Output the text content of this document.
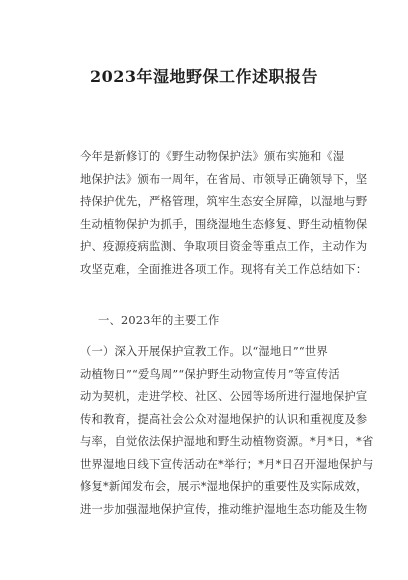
2023年湿地野保工作述职报告
今年是新修订的《野生动物保护法》颁布实施和《湿
地保护法》颁布一周年，在省局、市领导正确领导下，坚
持保护优先，严格管理，筑牢生态安全屏障，以湿地与野
生动植物保护为抓手，围绕湿地生态修复、野生动植物保
护、疫源疫病监测、争取项目资金等重点工作，主动作为
攻坚克难，全面推进各项工作。现将有关工作总结如下：
一、2023年的主要工作
（一）深入开展保护宣教工作。以“湿地日”“世界
动植物日”“爱鸟周”“保护野生动物宣传月”等宣传活
动为契机，走进学校、社区、公园等场所进行湿地保护宣
传和教育，提高社会公众对湿地保护的认识和重视度及参
与率，自觉依法保护湿地和野生动植物资源。*月*日，*省
世界湿地日线下宣传活动在*举行；*月*日召开湿地保护与
修复*新闻发布会，展示*湿地保护的重要性及实际成效，
进一步加强湿地保护宣传，推动维护湿地生态功能及生物
